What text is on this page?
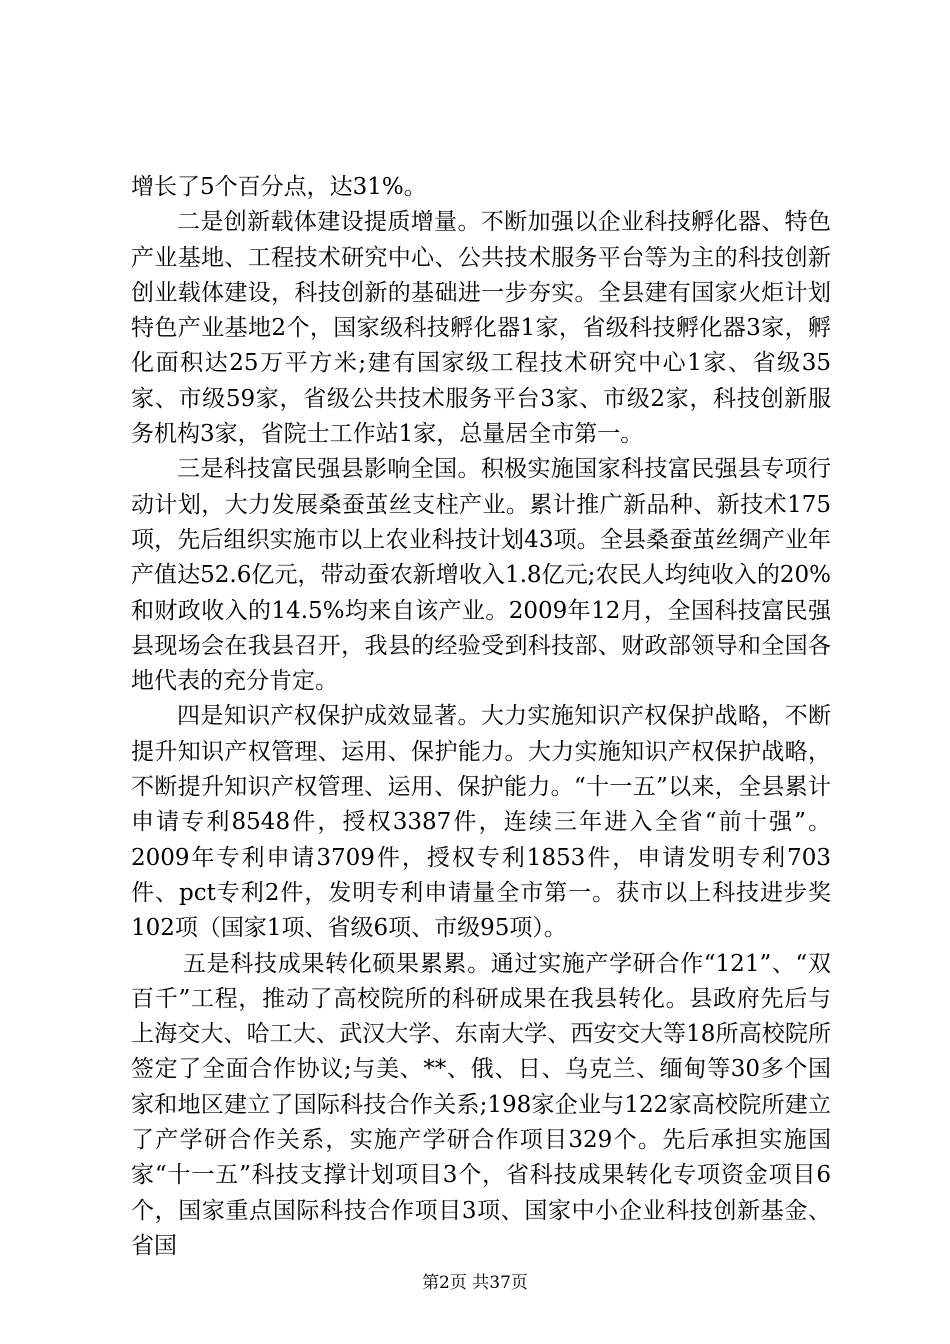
增长了5个百分点，达31%。

二是创新载体建设提质增量。不断加强以企业科技孵化器、特色产业基地、工程技术研究中心、公共技术服务平台等为主的科技创新创业载体建设，科技创新的基础进一步夯实。全县建有国家火炬计划特色产业基地2个，国家级科技孵化器1家，省级科技孵化器3家，孵化面积达25万平方米;建有国家级工程技术研究中心1家、省级35家、市级59家，省级公共技术服务平台3家、市级2家，科技创新服务机构3家，省院士工作站1家，总量居全市第一。

三是科技富民强县影响全国。积极实施国家科技富民强县专项行动计划，大力发展桑蚕茧丝支柱产业。累计推广新品种、新技术175项，先后组织实施市以上农业科技计划43项。全县桑蚕茧丝绸产业年产值达52.6亿元，带动蚕农新增收入1.8亿元;农民人均纯收入的20%和财政收入的14.5%均来自该产业。2009年12月，全国科技富民强县现场会在我县召开，我县的经验受到科技部、财政部领导和全国各地代表的充分肯定。

四是知识产权保护成效显著。大力实施知识产权保护战略，不断提升知识产权管理、运用、保护能力。大力实施知识产权保护战略，不断提升知识产权管理、运用、保护能力。“十一五”以来，全县累计申请专利8548件，授权3387件，连续三年进入全省“前十强”。2009年专利申请3709件，授权专利1853件，申请发明专利703件、pct专利2件，发明专利申请量全市第一。获市以上科技进步奖102项（国家1项、省级6项、市级95项）。

五是科技成果转化硕果累累。通过实施产学研合作“121”、“双百千”工程，推动了高校院所的科研成果在我县转化。县政府先后与上海交大、哈工大、武汉大学、东南大学、西安交大等18所高校院所签定了全面合作协议;与美、**、俄、日、乌克兰、缅甸等30多个国家和地区建立了国际科技合作关系;198家企业与122家高校院所建立了产学研合作关系，实施产学研合作项目329个。先后承担实施国家“十一五”科技支撑计划项目3个，省科技成果转化专项资金项目6个，国家重点国际科技合作项目3项、国家中小企业科技创新基金、省国

第2页 共37页
